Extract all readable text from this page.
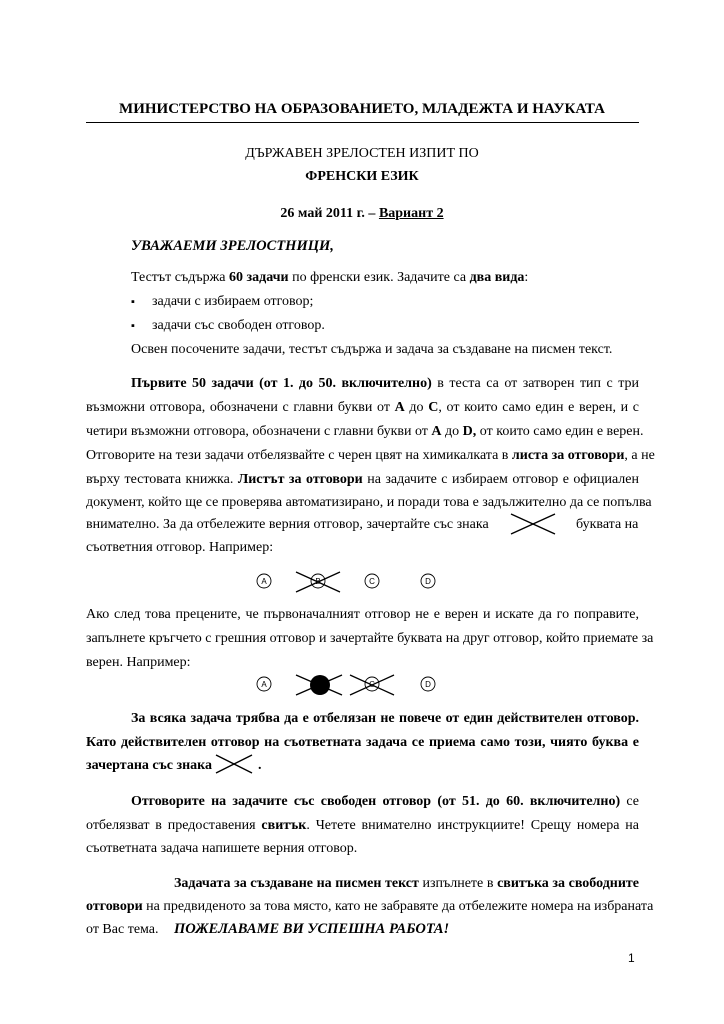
МИНИСТЕРСТВО НА ОБРАЗОВАНИЕТО, МЛАДЕЖТА И НАУКАТА
ДЪРЖАВЕН ЗРЕЛОСТЕН ИЗПИТ ПО
ФРЕНСКИ ЕЗИК
26 май 2011 г. – Вариант 2
УВАЖАЕМИ ЗРЕЛОСТНИЦИ,
Тестът съдържа 60 задачи по френски език. Задачите са два вида:
▪ задачи с избираем отговор;
▪ задачи със свободен отговор.
Освен посочените задачи, тестът съдържа и задача за създаване на писмен текст.
Първите 50 задачи (от 1. до 50. включително) в теста са от затворен тип с три
възможни отговора, обозначени с главни букви от А до С, от които само един е верен, и с
четири възможни отговора, обозначени с главни букви от А до D, от които само един е верен.
Отговорите на тези задачи отбелязвайте с черен цвят на химикалката в листа за отговори, а не
върху тестовата книжка. Листът за отговори на задачите с избираем отговор е официален
документ, който ще се проверява автоматизирано, и поради това е задължително да се попълва
внимателно. За да отбележите верния отговор, зачертайте със знака	буквата на
съответния отговор. Например:
A	C	D
Ако след това прецените, че първоначалният отговор не е верен и искате да го поправите,
запълнете кръгчето с грешния отговор и зачертайте буквата на друг отговор, който приемате за
верен. Например:
A	D
За всяка задача трябва да е отбелязан не повече от един действителен отговор.
Като действителен отговор на съответната задача се приема само този, чиято буква е
зачертана със знака	.
Отговорите на задачите със свободен отговор (от 51. до 60. включително) се
отбелязват в предоставения свитък. Четете внимателно инструкциите! Срещу номера на
съответната задача напишете верния отговор.
Задачата за създаване на писмен текст изпълнете в свитъка за свободните
отговори на предвиденото за това място, като не забравяте да отбележите номера на избраната
от Вас тема. ПОЖЕЛАВАМЕ ВИ УСПЕШНА РАБОТА!
1
